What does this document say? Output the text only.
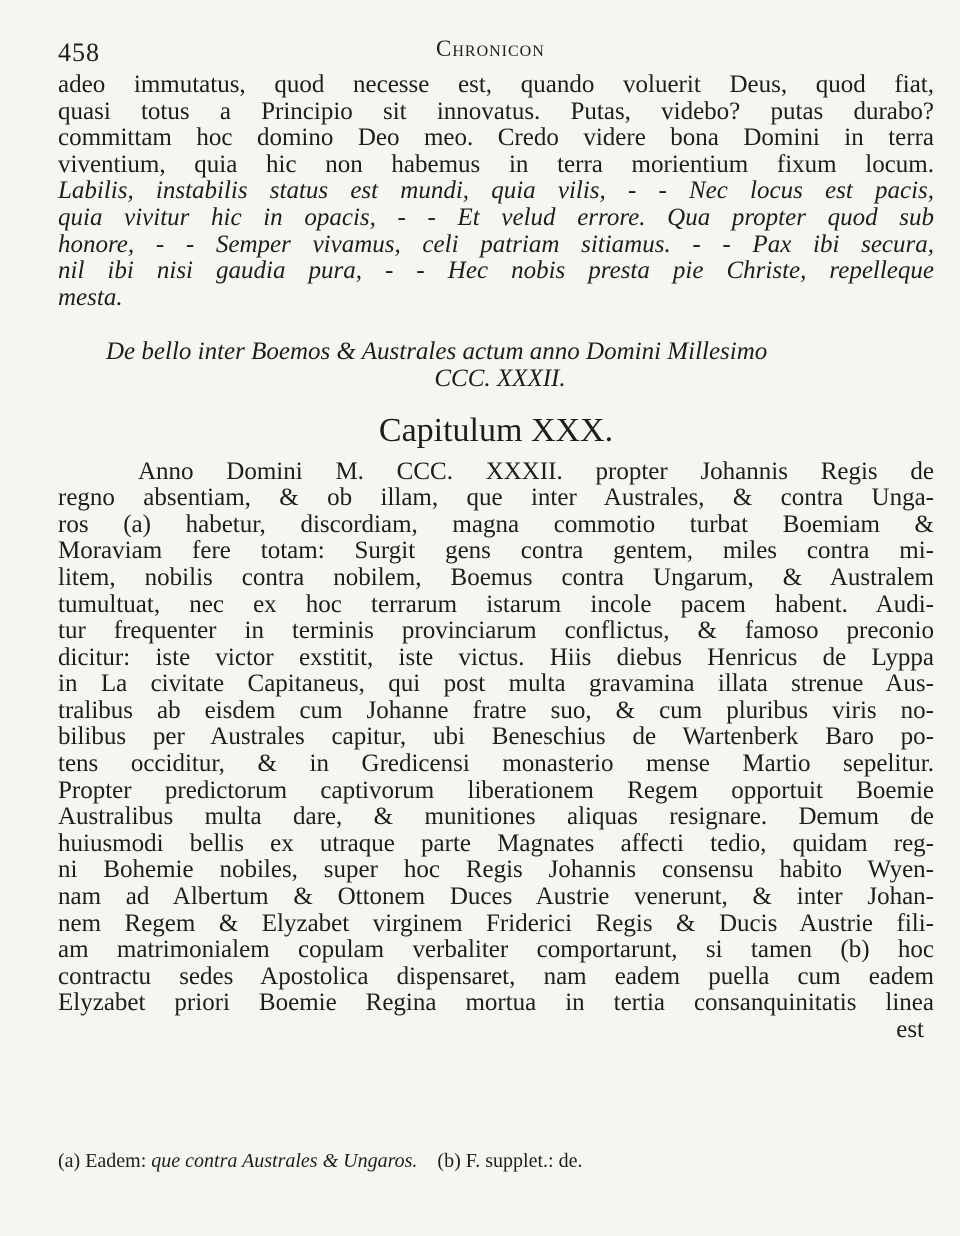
458	Chronicon
adeo immutatus, quod necesse est, quando voluerit Deus, quod fiat,
quasi totus a Principio sit innovatus. Putas, videbo? putas durabo?
committam hoc domino Deo meo. Credo videre bona Domini in terra
viventium, quia hic non habemus in terra morientium fixum locum.
Labilis, instabilis status est mundi, quia vilis, - - Nec locus est pacis,
quia vivitur hic in opacis, - - Et velud errore. Qua propter quod sub
honore, - - Semper vivamus, celi patriam sitiamus. - - Pax ibi secura,
nil ibi nisi gaudia pura, - - Hec nobis presta pie Christe, repelleque
mesta.
De bello inter Boemos & Australes actum anno Domini Millesimo
CCC. XXXII.
Capitulum XXX.
Anno Domini M. CCC. XXXII. propter Johannis Regis de
regno absentiam, & ob illam, que inter Australes, & contra Unga-
ros (a) habetur, discordiam, magna commotio turbat Boemiam &
Moraviam fere totam: Surgit gens contra gentem, miles contra mi-
litem, nobilis contra nobilem, Boemus contra Ungarum, & Australem
tumultuat, nec ex hoc terrarum istarum incole pacem habent. Audi-
tur frequenter in terminis provinciarum conflictus, & famoso preconio
dicitur: iste victor exstitit, iste victus. Hiis diebus Henricus de Lyppa
in La civitate Capitaneus, qui post multa gravamina illata strenue Aus-
tralibus ab eisdem cum Johanne fratre suo, & cum pluribus viris no-
bilibus per Australes capitur, ubi Beneschius de Wartenberk Baro po-
tens occiditur, & in Gredicensi monasterio mense Martio sepelitur.
Propter predictorum captivorum liberationem Regem opportuit Boemie
Australibus multa dare, & munitiones aliquas resignare. Demum de
huiusmodi bellis ex utraque parte Magnates affecti tedio, quidam reg-
ni Bohemie nobiles, super hoc Regis Johannis consensu habito Wyen-
nam ad Albertum & Ottonem Duces Austrie venerunt, & inter Johan-
nem Regem & Elyzabet virginem Friderici Regis & Ducis Austrie fili-
am matrimonialem copulam verbaliter comportarunt, si tamen (b) hoc
contractu sedes Apostolica dispensaret, nam eadem puella cum eadem
Elyzabet priori Boemie Regina mortua in tertia consanquinitatis linea
est
(a) Eadem: que contra Australes & Ungaros. (b) F. supplet.: de.
